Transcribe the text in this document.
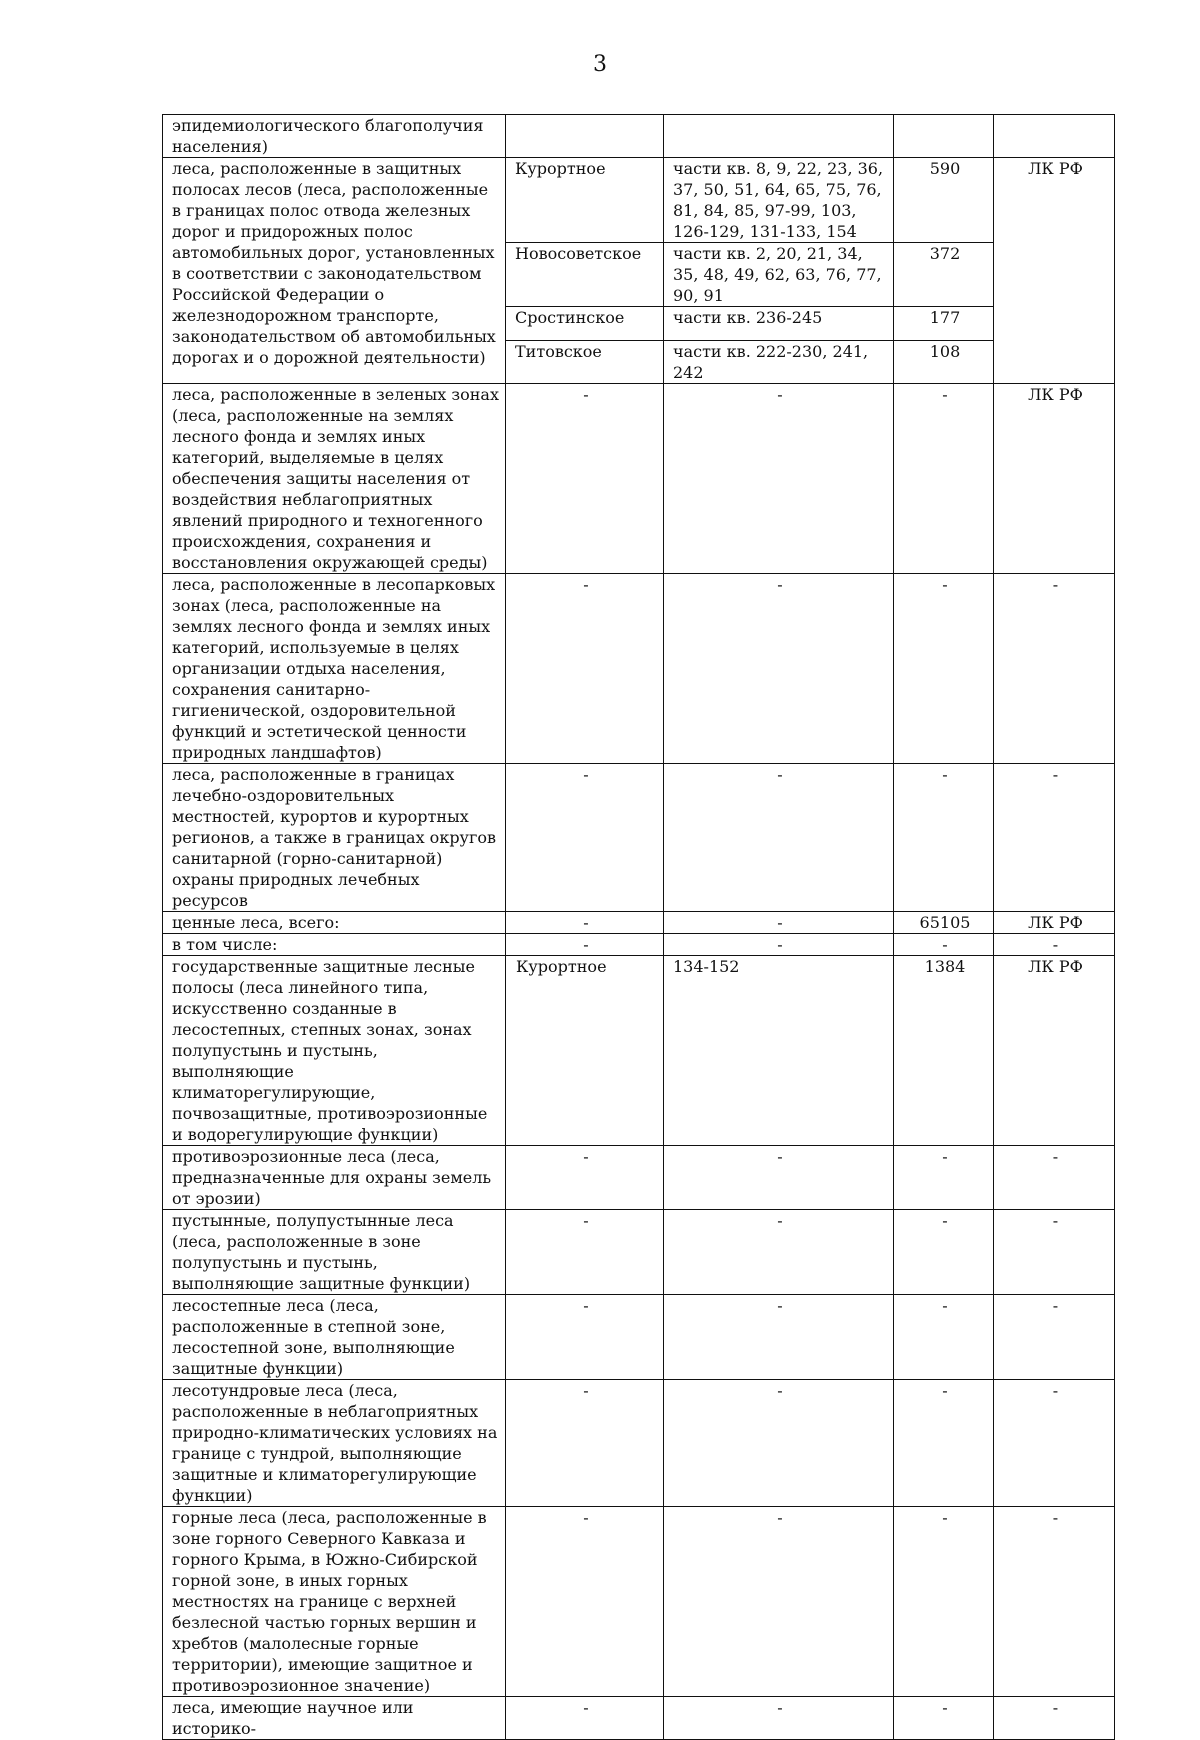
3
эпидемиологического благополучия населения)				
леса, расположенные в защитных полосах лесов (леса, расположенные в границах полос отвода железных дорог и придорожных полос автомобильных дорог, установленных в соответствии с законодательством Российской Федерации о железнодорожном транспорте, законодательством об автомобильных дорогах и о дорожной деятельности)	Курортное	части кв. 8, 9, 22, 23, 36, 37, 50, 51, 64, 65, 75, 76, 81, 84, 85, 97-99, 103, 126-129, 131-133, 154	590	ЛК РФ
	Новосоветское	части кв. 2, 20, 21, 34, 35, 48, 49, 62, 63, 76, 77, 90, 91	372	
	Сростинское	части кв. 236-245	177	
	Титовское	части кв. 222-230, 241, 242	108	
леса, расположенные в зеленых зонах (леса, расположенные на землях лесного фонда и землях иных категорий, выделяемые в целях обеспечения защиты населения от воздействия неблагоприятных явлений природного и техногенного происхождения, сохранения и восстановления окружающей среды)	-	-	-	ЛК РФ
леса, расположенные в лесопарковых зонах (леса, расположенные на землях лесного фонда и землях иных категорий, используемые в целях организации отдыха населения, сохранения санитарно-гигиенической, оздоровительной функций и эстетической ценности природных ландшафтов)	-	-	-	-
леса, расположенные в границах лечебно-оздоровительных местностей, курортов и курортных регионов, а также в границах округов санитарной (горно-санитарной) охраны природных лечебных ресурсов	-	-	-	-
ценные леса, всего:	-	-	65105	ЛК РФ
в том числе:	-	-	-	-
государственные защитные лесные полосы (леса линейного типа, искусственно созданные в лесостепных, степных зонах, зонах полупустынь и пустынь, выполняющие климаторегулирующие, почвозащитные, противоэрозионные и водорегулирующие функции)	Курортное	134-152	1384	ЛК РФ
противоэрозионные леса (леса, предназначенные для охраны земель от эрозии)	-	-	-	-
пустынные, полупустынные леса (леса, расположенные в зоне полупустынь и пустынь, выполняющие защитные функции)	-	-	-	-
лесостепные леса (леса, расположенные в степной зоне, лесостепной зоне, выполняющие защитные функции)	-	-	-	-
лесотундровые леса (леса, расположенные в неблагоприятных природно-климатических условиях на границе с тундрой, выполняющие защитные и климаторегулирующие функции)	-	-	-	-
горные леса (леса, расположенные в зоне горного Северного Кавказа и горного Крыма, в Южно-Сибирской горной зоне, в иных горных местностях на границе с верхней безлесной частью горных вершин и хребтов (малолесные горные территории), имеющие защитное и противоэрозионное значение)	-	-	-	-
леса, имеющие научное или историко-	-	-	-	-
